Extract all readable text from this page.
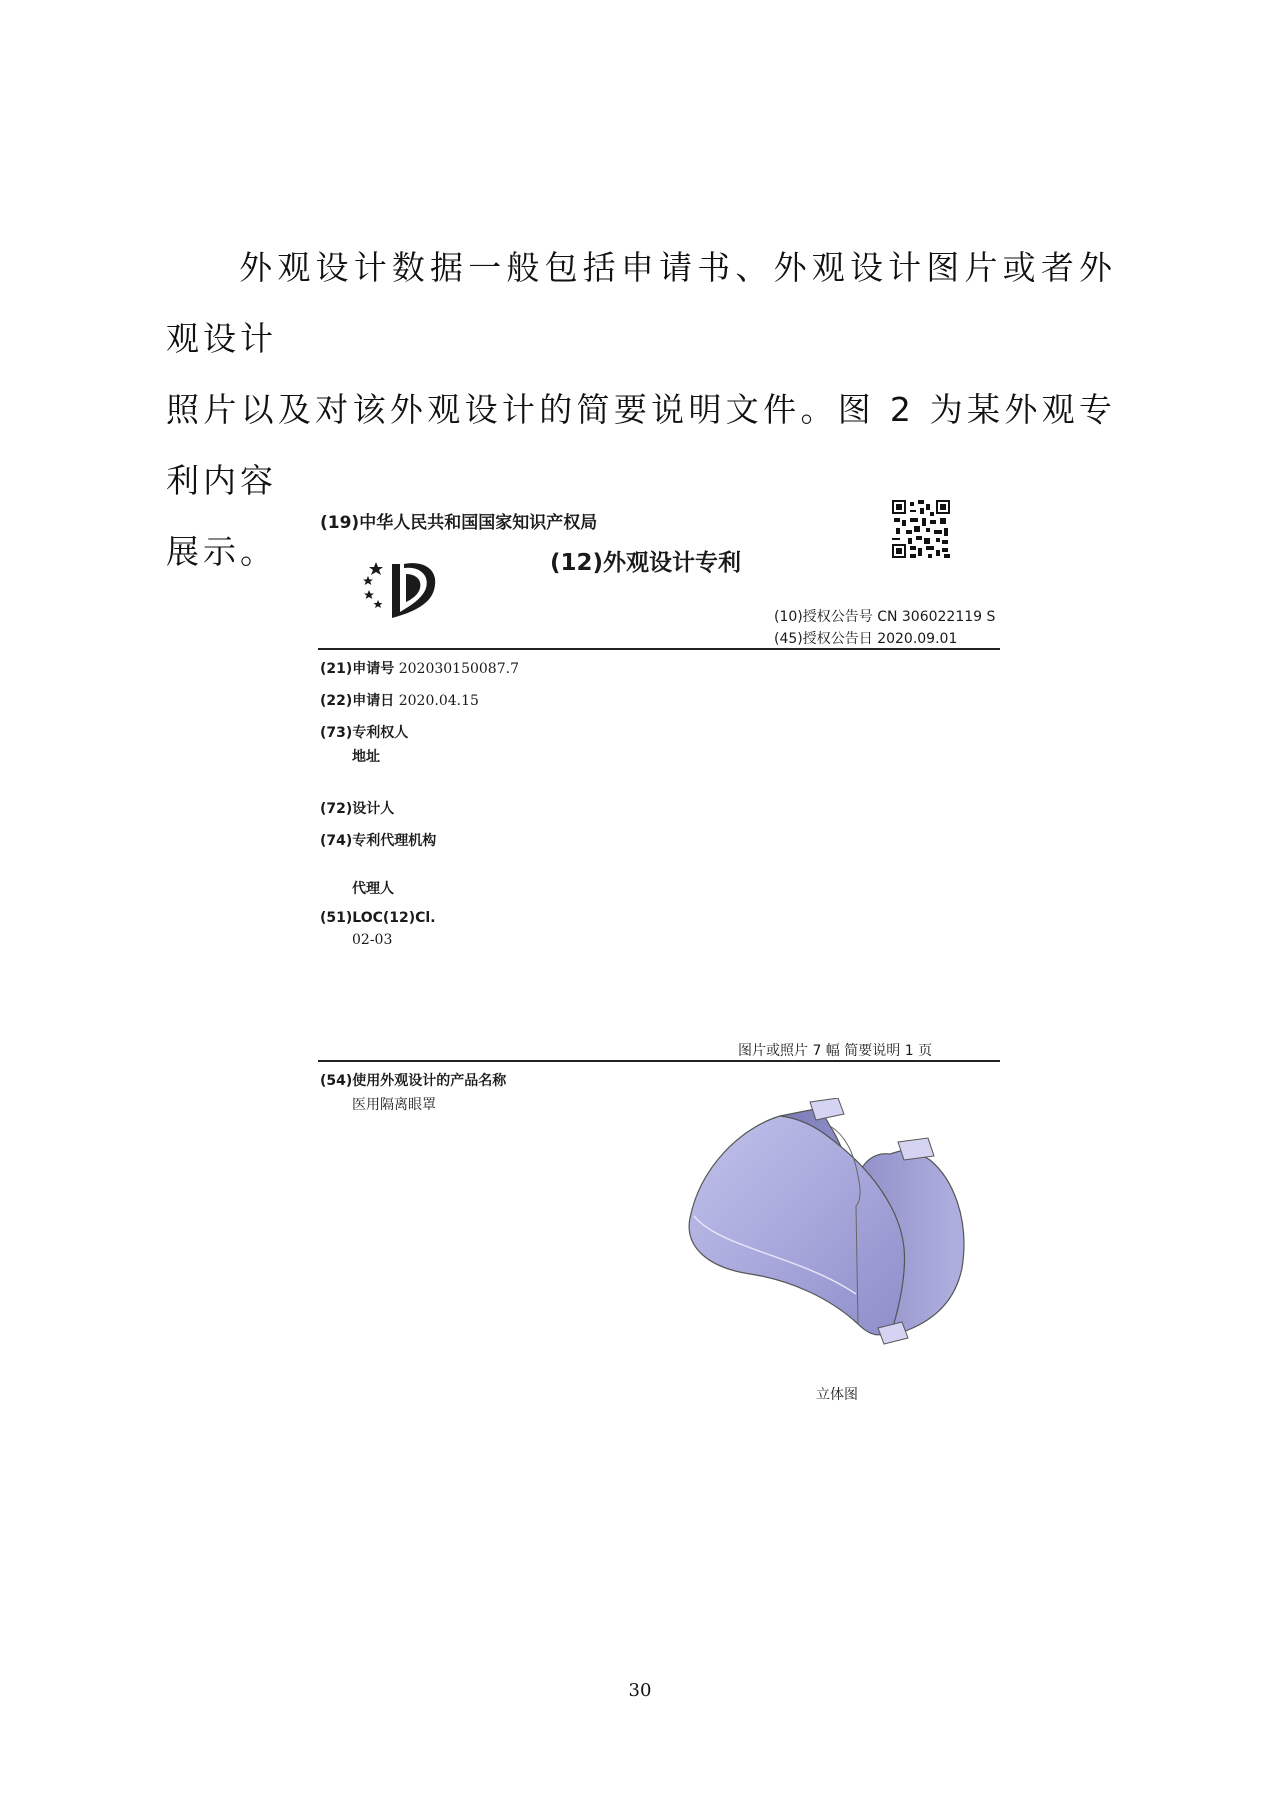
外观设计数据一般包括申请书、外观设计图片或者外观设计
照片以及对该外观设计的简要说明文件。图 2 为某外观专利内容
展示。
(19)中华人民共和国国家知识产权局
(12)外观设计专利
(10)授权公告号 CN 306022119 S
(45)授权公告日 2020.09.01
(21)申请号 202030150087.7
(22)申请日 2020.04.15
(73)专利权人
地址
(72)设计人
(74)专利代理机构
代理人
(51)LOC(12)Cl.
02-03
图片或照片 7 幅 简要说明 1 页
(54)使用外观设计的产品名称
医用隔离眼罩
立体图
30
